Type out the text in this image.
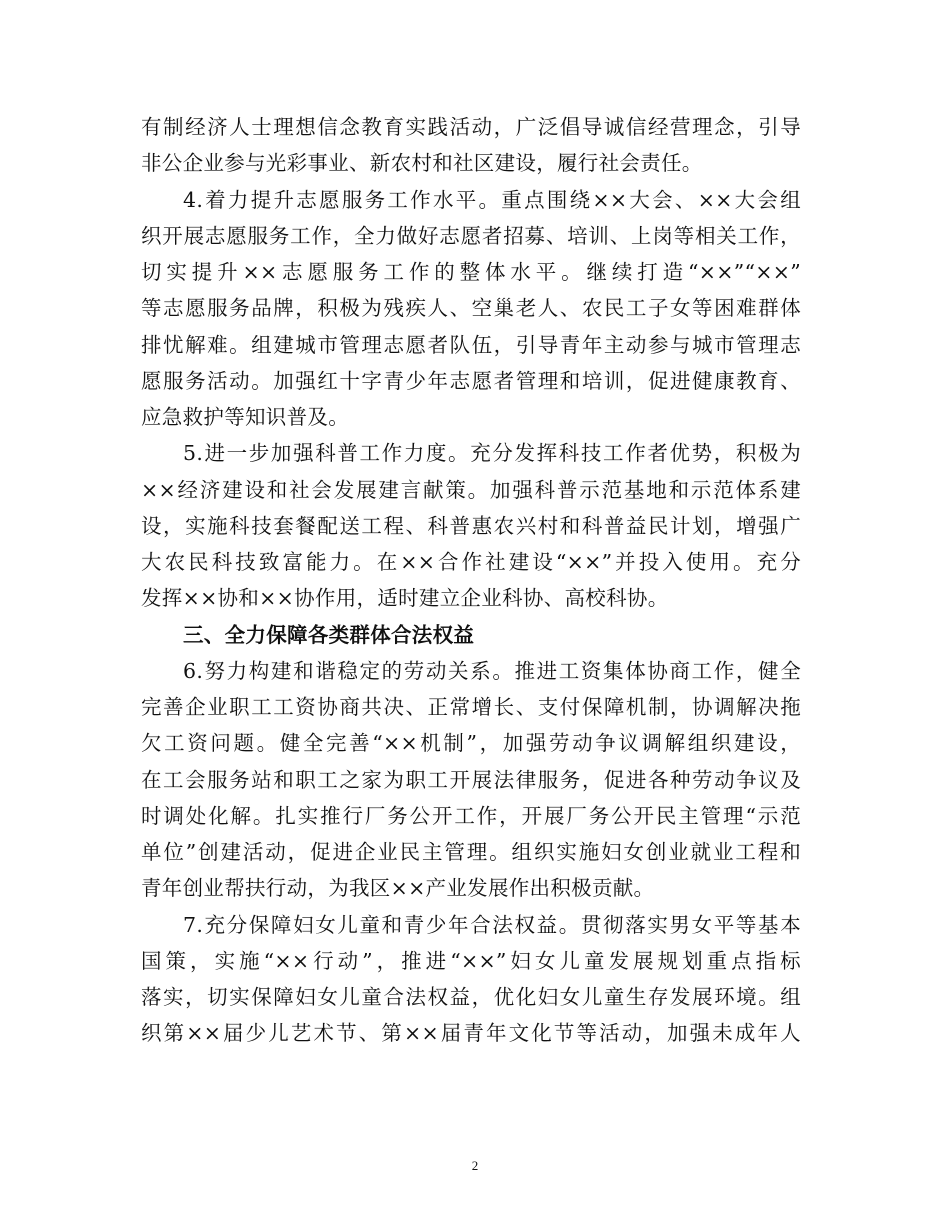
有制经济人士理想信念教育实践活动，广泛倡导诚信经营理念，引导
非公企业参与光彩事业、新农村和社区建设，履行社会责任。
4.着力提升志愿服务工作水平。重点围绕××大会、××大会组
织开展志愿服务工作，全力做好志愿者招募、培训、上岗等相关工作，
切实提升××志愿服务工作的整体水平。继续打造“××”“××”
等志愿服务品牌，积极为残疾人、空巢老人、农民工子女等困难群体
排忧解难。组建城市管理志愿者队伍，引导青年主动参与城市管理志
愿服务活动。加强红十字青少年志愿者管理和培训，促进健康教育、
应急救护等知识普及。
5.进一步加强科普工作力度。充分发挥科技工作者优势，积极为
××经济建设和社会发展建言献策。加强科普示范基地和示范体系建
设，实施科技套餐配送工程、科普惠农兴村和科普益民计划，增强广
大农民科技致富能力。在××合作社建设“××”并投入使用。充分
发挥××协和××协作用，适时建立企业科协、高校科协。
三、全力保障各类群体合法权益
6.努力构建和谐稳定的劳动关系。推进工资集体协商工作，健全
完善企业职工工资协商共决、正常增长、支付保障机制，协调解决拖
欠工资问题。健全完善“××机制”，加强劳动争议调解组织建设，
在工会服务站和职工之家为职工开展法律服务，促进各种劳动争议及
时调处化解。扎实推行厂务公开工作，开展厂务公开民主管理“示范
单位”创建活动，促进企业民主管理。组织实施妇女创业就业工程和
青年创业帮扶行动，为我区××产业发展作出积极贡献。
7.充分保障妇女儿童和青少年合法权益。贯彻落实男女平等基本
国策，实施“××行动”，推进“××”妇女儿童发展规划重点指标
落实，切实保障妇女儿童合法权益，优化妇女儿童生存发展环境。组
织第××届少儿艺术节、第××届青年文化节等活动，加强未成年人
2
